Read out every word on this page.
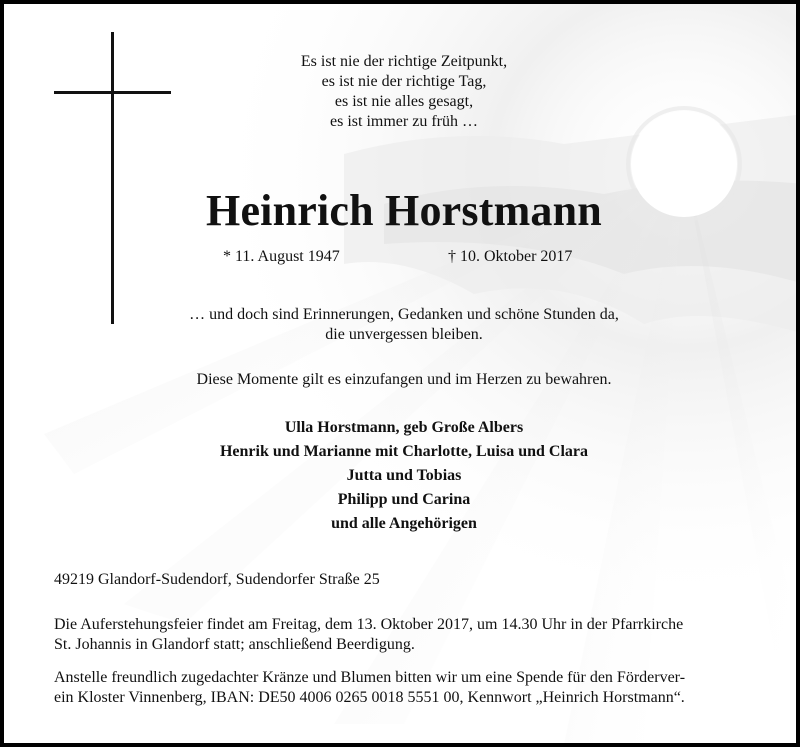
Es ist nie der richtige Zeitpunkt,
es ist nie der richtige Tag,
es ist nie alles gesagt,
es ist immer zu früh …
Heinrich Horstmann
* 11. August 1947	† 10. Oktober 2017
… und doch sind Erinnerungen, Gedanken und schöne Stunden da,
die unvergessen bleiben.
Diese Momente gilt es einzufangen und im Herzen zu bewahren.
Ulla Horstmann, geb Große Albers
Henrik und Marianne mit Charlotte, Luisa und Clara
Jutta und Tobias
Philipp und Carina
und alle Angehörigen
49219 Glandorf-Sudendorf, Sudendorfer Straße 25
Die Auferstehungsfeier findet am Freitag, dem 13. Oktober 2017, um 14.30 Uhr in der Pfarrkirche
St. Johannis in Glandorf statt; anschließend Beerdigung.
Anstelle freundlich zugedachter Kränze und Blumen bitten wir um eine Spende für den Förderver-
ein Kloster Vinnenberg, IBAN: DE50 4006 0265 0018 5551 00, Kennwort „Heinrich Horstmann“.
